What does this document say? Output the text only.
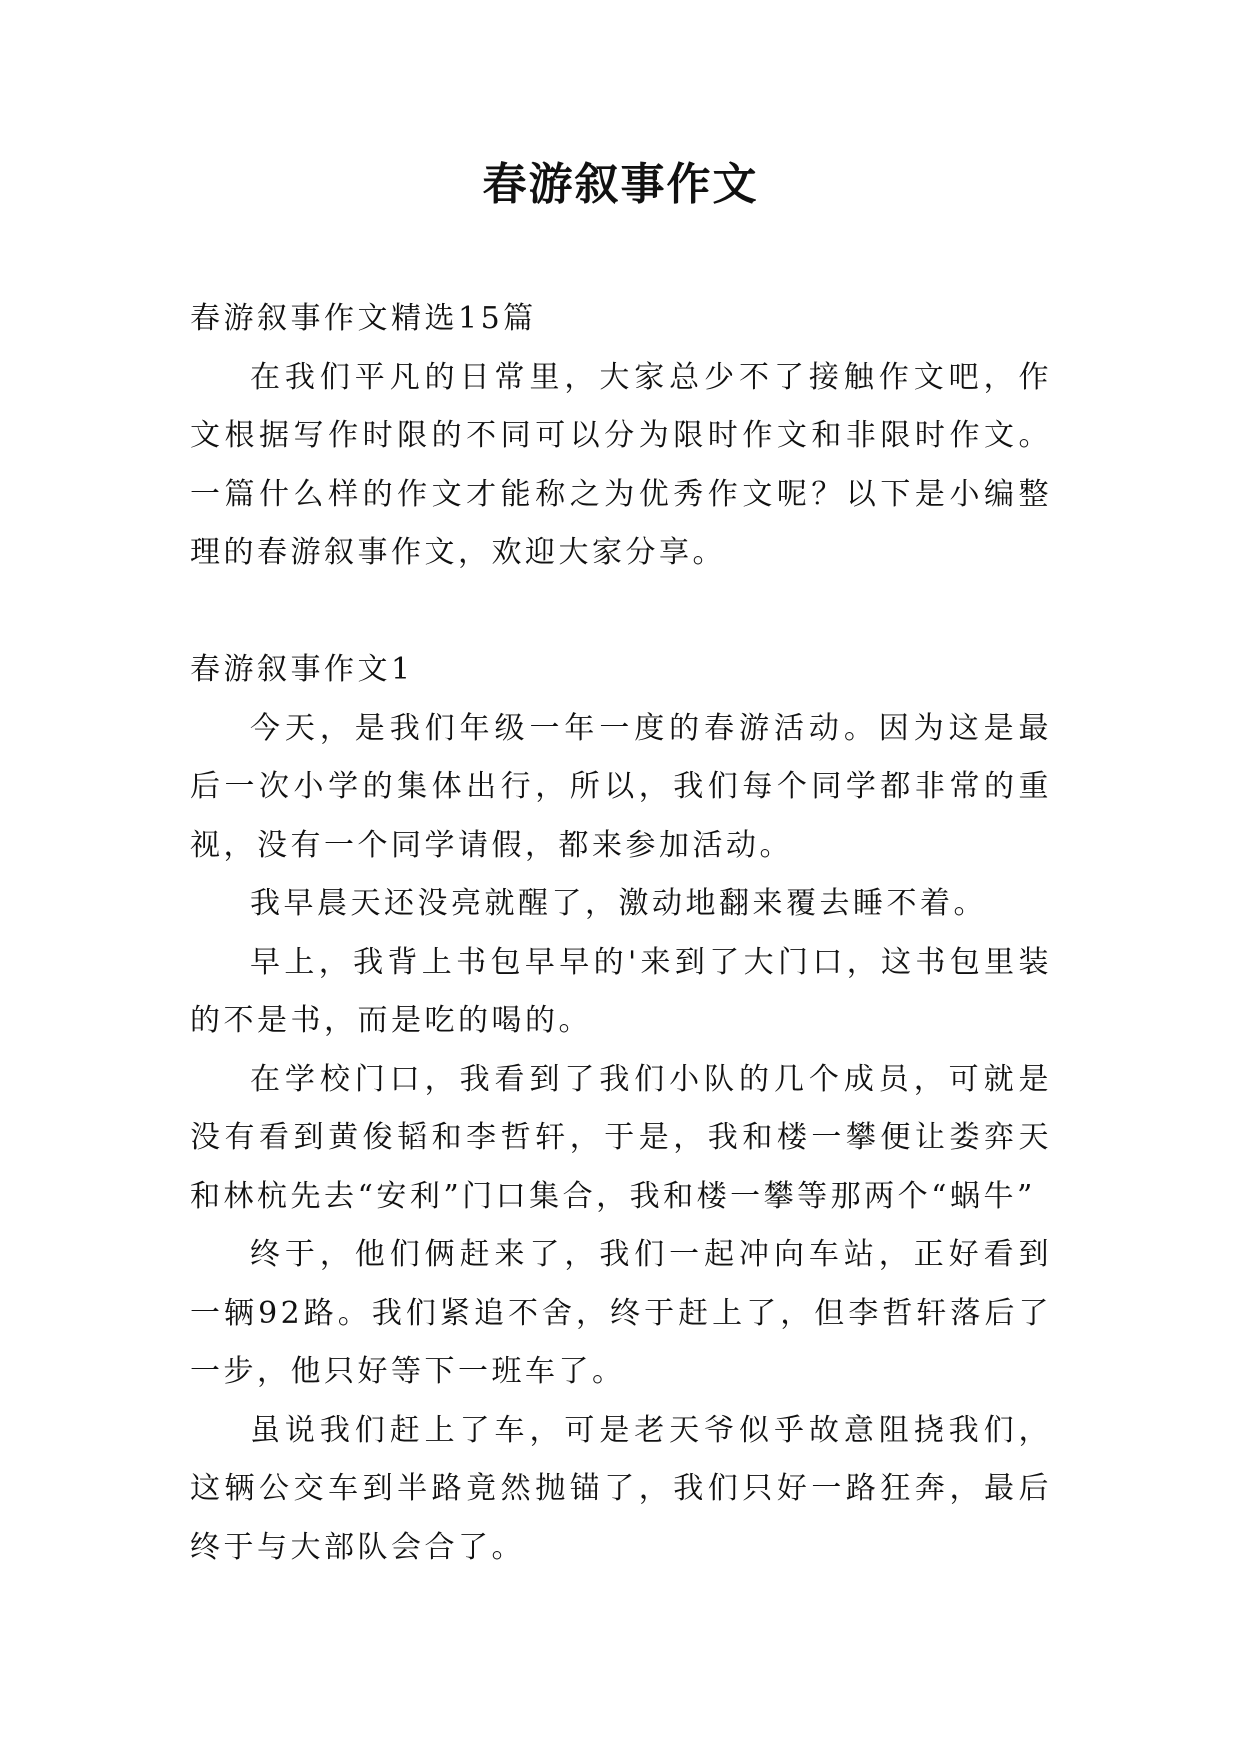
春游叙事作文

春游叙事作文精选15篇

在我们平凡的日常里，大家总少不了接触作文吧，作文根据写作时限的不同可以分为限时作文和非限时作文。一篇什么样的作文才能称之为优秀作文呢？以下是小编整理的春游叙事作文，欢迎大家分享。

春游叙事作文1

今天，是我们年级一年一度的春游活动。因为这是最后一次小学的集体出行，所以，我们每个同学都非常的重视，没有一个同学请假，都来参加活动。

我早晨天还没亮就醒了，激动地翻来覆去睡不着。

早上，我背上书包早早的'来到了大门口，这书包里装的不是书，而是吃的喝的。

在学校门口，我看到了我们小队的几个成员，可就是没有看到黄俊韬和李哲轩，于是，我和楼一攀便让娄弈天和林杭先去“安利”门口集合，我和楼一攀等那两个“蜗牛”

终于，他们俩赶来了，我们一起冲向车站，正好看到一辆92路。我们紧追不舍，终于赶上了，但李哲轩落后了一步，他只好等下一班车了。

虽说我们赶上了车，可是老天爷似乎故意阻挠我们，这辆公交车到半路竟然抛锚了，我们只好一路狂奔，最后终于与大部队会合了。
